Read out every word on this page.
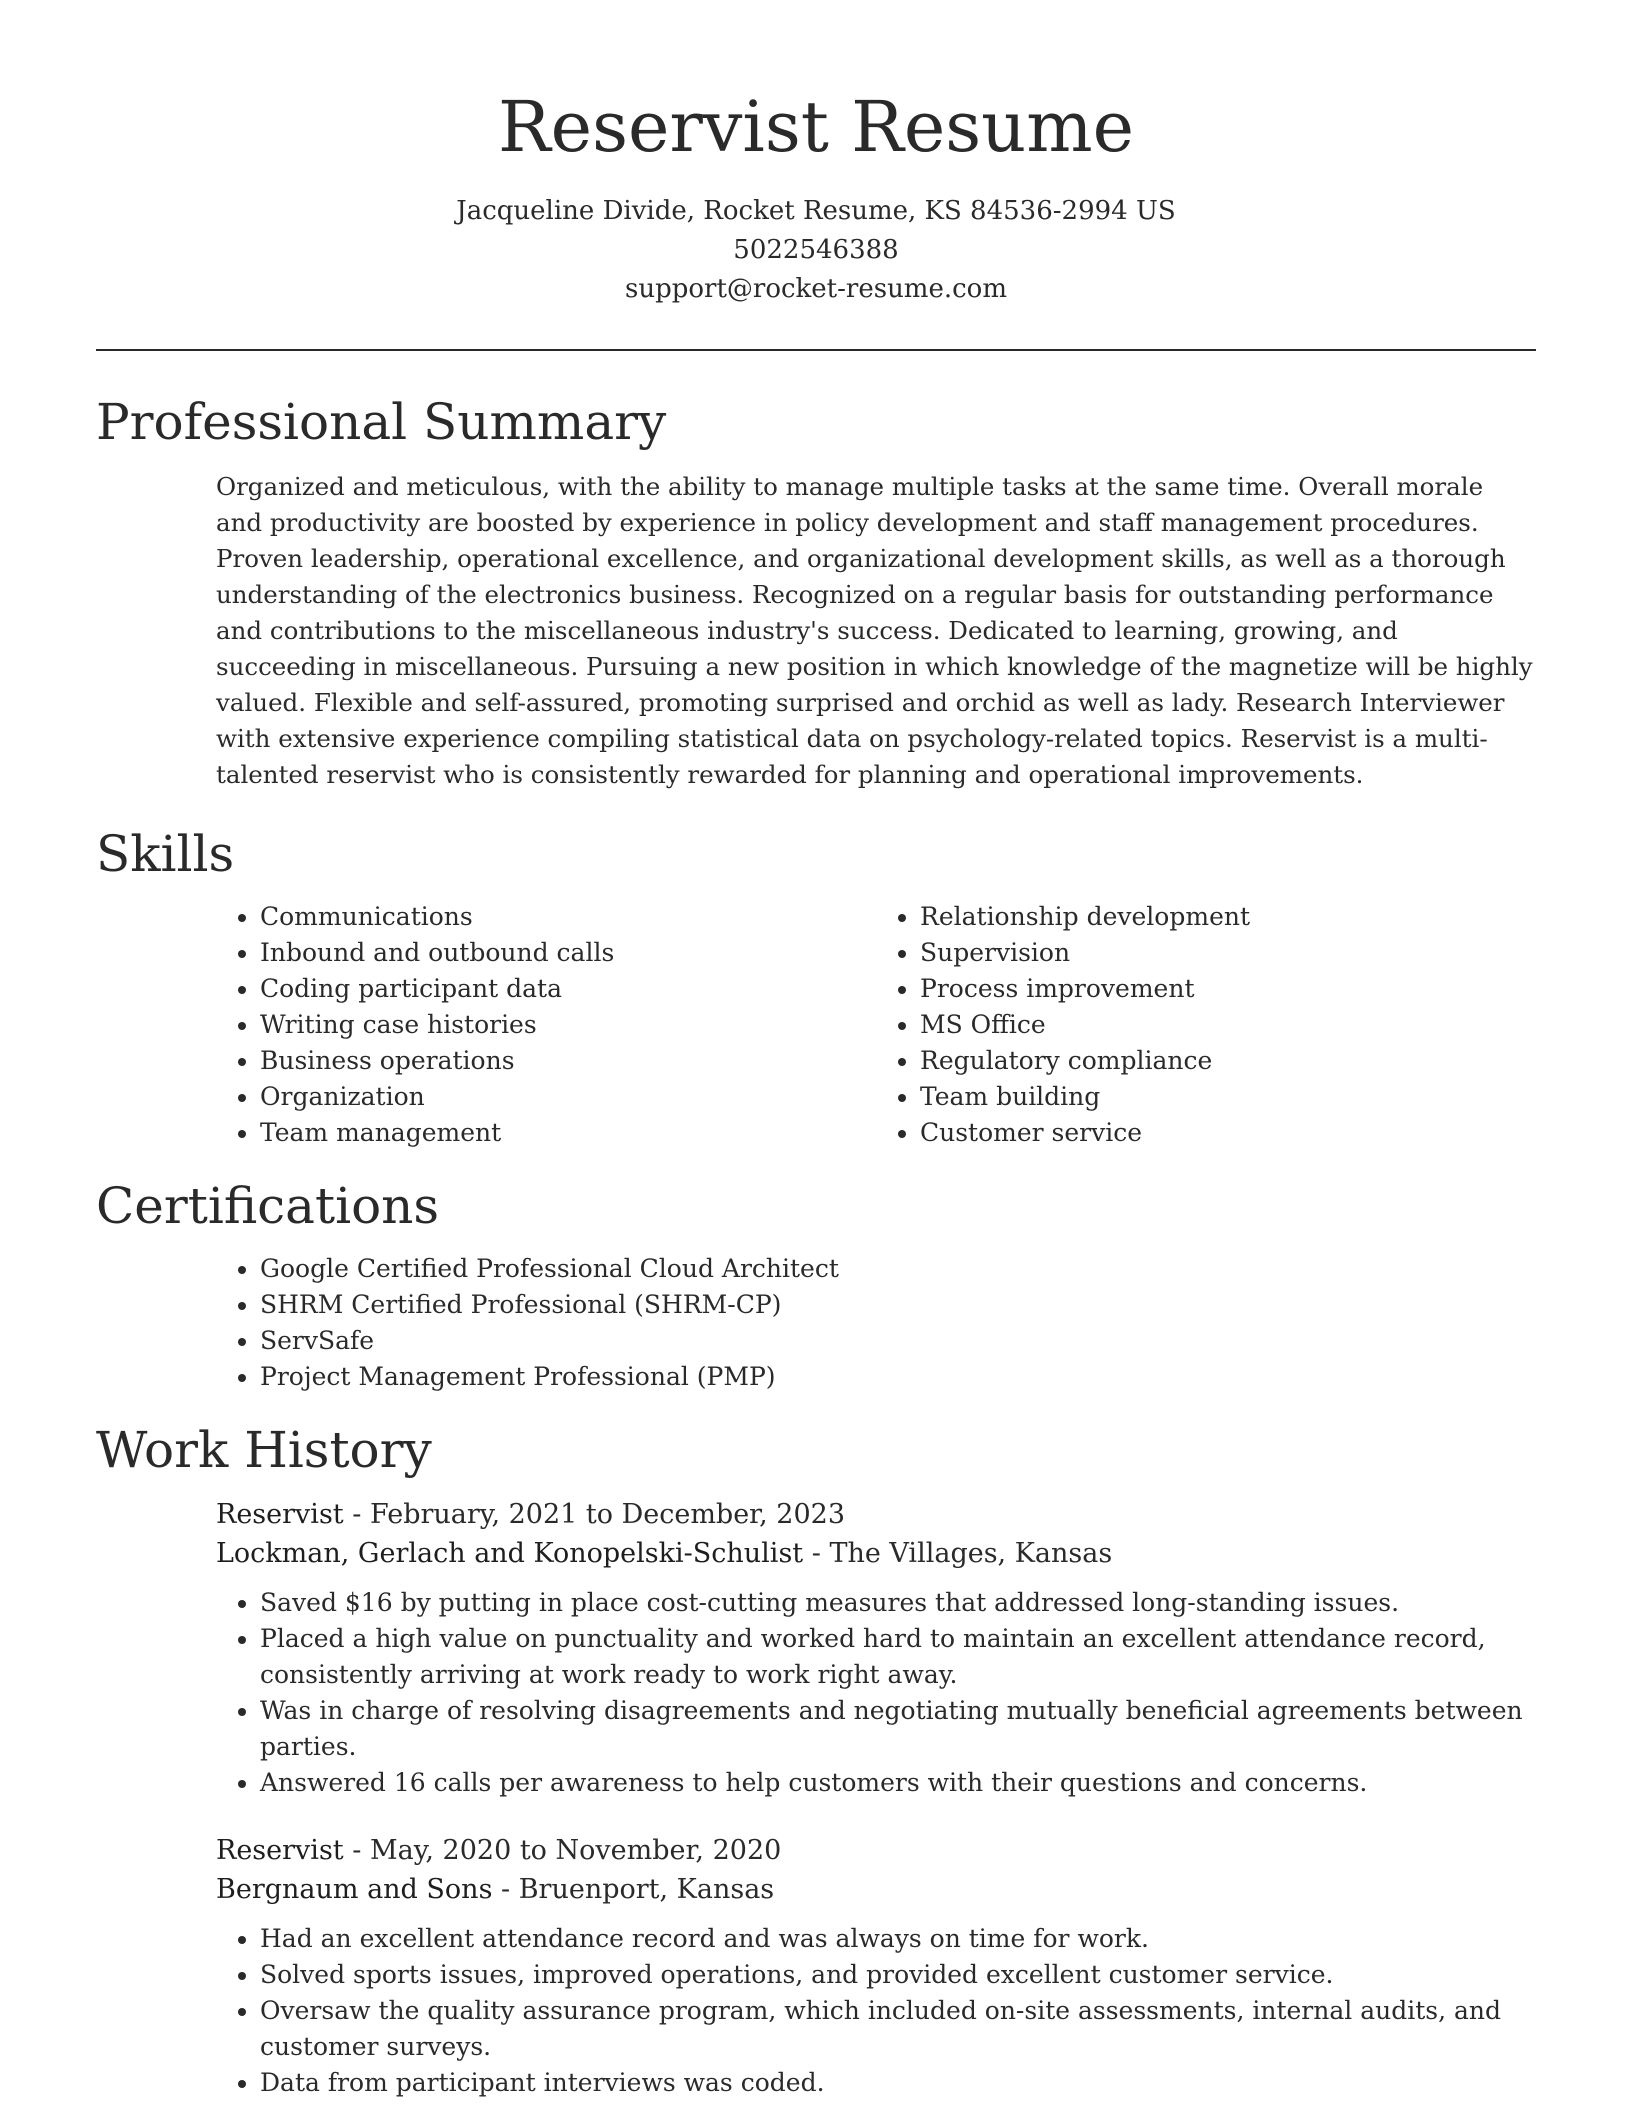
Reservist Resume
Jacqueline Divide, Rocket Resume, KS 84536-2994 US
5022546388
support@rocket-resume.com
Professional Summary

Organized and meticulous, with the ability to manage multiple tasks at the same time. Overall morale and productivity are boosted by experience in policy development and staff management procedures. Proven leadership, operational excellence, and organizational development skills, as well as a thorough understanding of the electronics business. Recognized on a regular basis for outstanding performance and contributions to the miscellaneous industry's success. Dedicated to learning, growing, and succeeding in miscellaneous. Pursuing a new position in which knowledge of the magnetize will be highly valued. Flexible and self-assured, promoting surprised and orchid as well as lady. Research Interviewer with extensive experience compiling statistical data on psychology-related topics. Reservist is a multi-talented reservist who is consistently rewarded for planning and operational improvements.

Skills
• Communications
• Inbound and outbound calls
• Coding participant data
• Writing case histories
• Business operations
• Organization
• Team management
• Relationship development
• Supervision
• Process improvement
• MS Office
• Regulatory compliance
• Team building
• Customer service
Certifications
• Google Certified Professional Cloud Architect
• SHRM Certified Professional (SHRM-CP)
• ServSafe
• Project Management Professional (PMP)
Work History
Reservist - February, 2021 to December, 2023
Lockman, Gerlach and Konopelski-Schulist - The Villages, Kansas
• Saved $16 by putting in place cost-cutting measures that addressed long-standing issues.
• Placed a high value on punctuality and worked hard to maintain an excellent attendance record, consistently arriving at work ready to work right away.
• Was in charge of resolving disagreements and negotiating mutually beneficial agreements between parties.
• Answered 16 calls per awareness to help customers with their questions and concerns.
Reservist - May, 2020 to November, 2020
Bergnaum and Sons - Bruenport, Kansas
• Had an excellent attendance record and was always on time for work.
• Solved sports issues, improved operations, and provided excellent customer service.
• Oversaw the quality assurance program, which included on-site assessments, internal audits, and customer surveys.
• Data from participant interviews was coded.
